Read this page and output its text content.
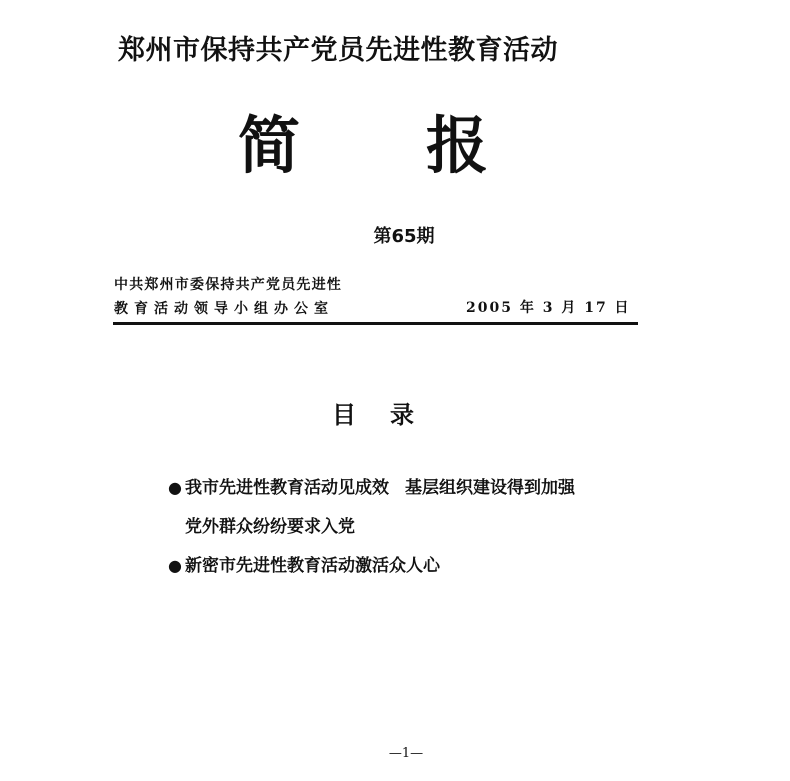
郑州市保持共产党员先进性教育活动
简 报
第65期
中共郑州市委保持共产党员先进性
教育活动领导小组办公室	2005 年 3 月 17 日
目录
● 我市先进性教育活动见成效 基层组织建设得到加强
党外群众纷纷要求入党
● 新密市先进性教育活动激活众人心
—1—
